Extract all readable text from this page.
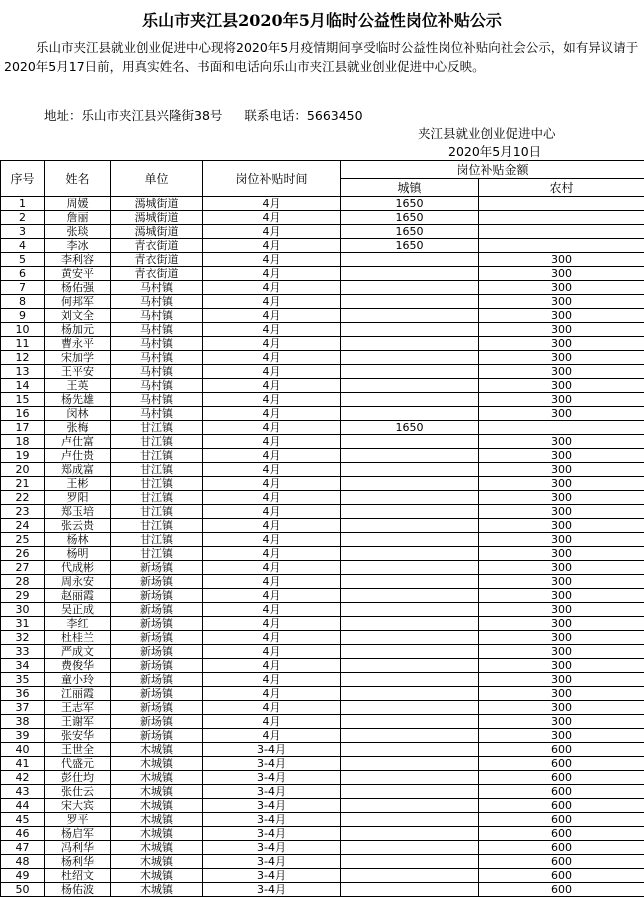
乐山市夹江县2020年5月临时公益性岗位补贴公示
乐山市夹江县就业创业促进中心现将2020年5月疫情期间享受临时公益性岗位补贴向社会公示，如有异议请于2020年5月17日前，用真实姓名、书面和电话向乐山市夹江县就业创业促进中心反映。
地址：乐山市夹江县兴隆街38号 联系电话：5663450
夹江县就业创业促进中心
2020年5月10日
序号	姓名	单位	岗位补贴时间	岗位补贴金额	
				城镇	农村
1	周媛	漹城街道	4月	1650	
2	詹丽	漹城街道	4月	1650	
3	张琰	漹城街道	4月	1650	
4	李冰	青衣街道	4月	1650	
5	李利容	青衣街道	4月		300
6	黄安平	青衣街道	4月		300
7	杨佑强	马村镇	4月		300
8	何邦军	马村镇	4月		300
9	刘文全	马村镇	4月		300
10	杨加元	马村镇	4月		300
11	曹永平	马村镇	4月		300
12	宋加学	马村镇	4月		300
13	王平安	马村镇	4月		300
14	王英	马村镇	4月		300
15	杨先雄	马村镇	4月		300
16	闵林	马村镇	4月		300
17	张梅	甘江镇	4月	1650	
18	卢仕富	甘江镇	4月		300
19	卢仕贵	甘江镇	4月		300
20	郑成富	甘江镇	4月		300
21	王彬	甘江镇	4月		300
22	罗阳	甘江镇	4月		300
23	郑玉培	甘江镇	4月		300
24	张云贵	甘江镇	4月		300
25	杨林	甘江镇	4月		300
26	杨明	甘江镇	4月		300
27	代成彬	新场镇	4月		300
28	周永安	新场镇	4月		300
29	赵丽霞	新场镇	4月		300
30	吴正成	新场镇	4月		300
31	李红	新场镇	4月		300
32	杜桂兰	新场镇	4月		300
33	严成文	新场镇	4月		300
34	费俊华	新场镇	4月		300
35	童小玲	新场镇	4月		300
36	江丽霞	新场镇	4月		300
37	王志军	新场镇	4月		300
38	王谢军	新场镇	4月		300
39	张安华	新场镇	4月		300
40	王世全	木城镇	3-4月		600
41	代盛元	木城镇	3-4月		600
42	彭仕均	木城镇	3-4月		600
43	张仕云	木城镇	3-4月		600
44	宋大宾	木城镇	3-4月		600
45	罗平	木城镇	3-4月		600
46	杨启军	木城镇	3-4月		600
47	冯利华	木城镇	3-4月		600
48	杨利华	木城镇	3-4月		600
49	杜绍文	木城镇	3-4月		600
50	杨佑波	木城镇	3-4月		600
